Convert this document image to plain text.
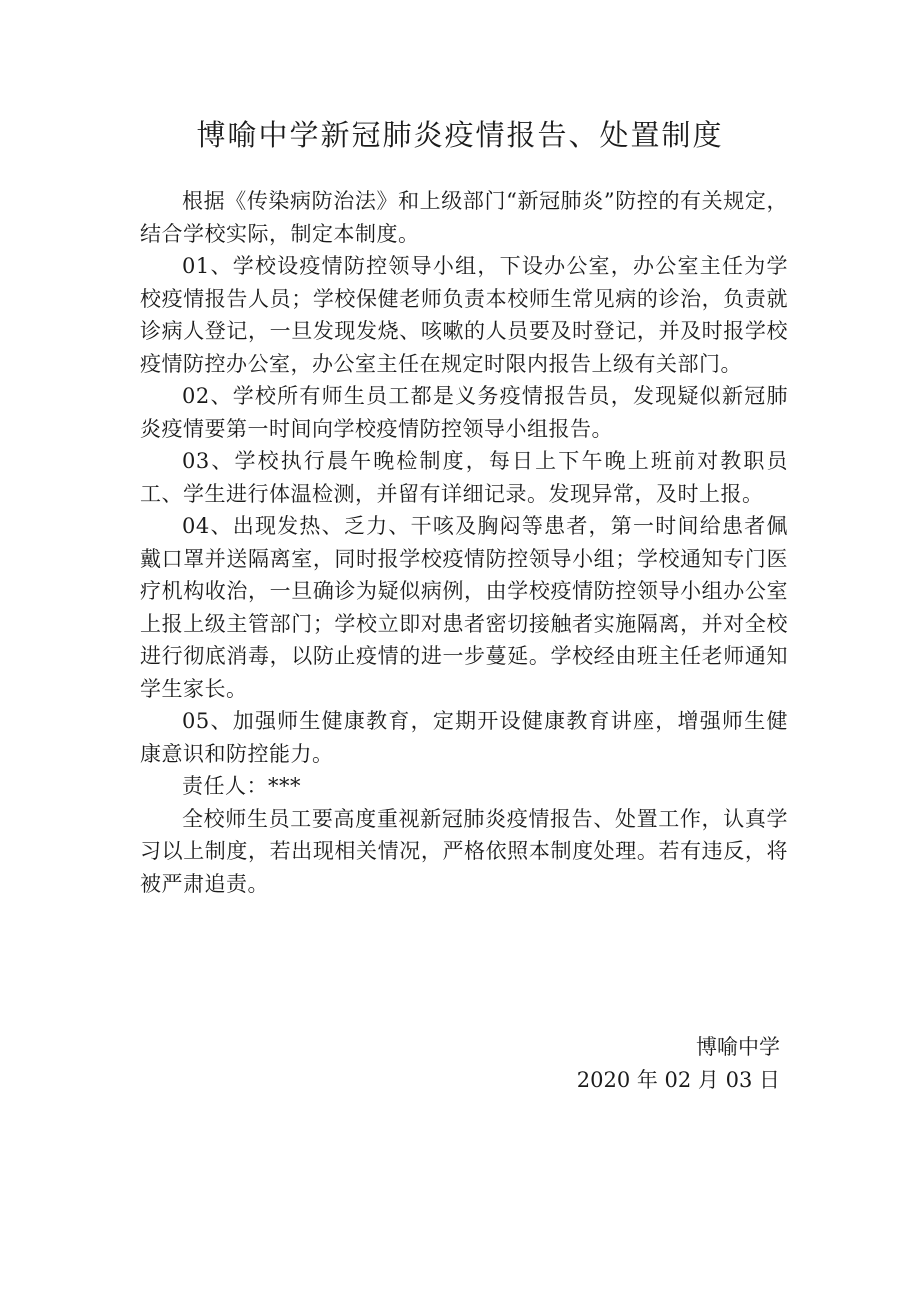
博喻中学新冠肺炎疫情报告、处置制度

根据《传染病防治法》和上级部门“新冠肺炎”防控的有关规定，结合学校实际，制定本制度。

01、学校设疫情防控领导小组，下设办公室，办公室主任为学校疫情报告人员；学校保健老师负责本校师生常见病的诊治，负责就诊病人登记，一旦发现发烧、咳嗽的人员要及时登记，并及时报学校疫情防控办公室，办公室主任在规定时限内报告上级有关部门。

02、学校所有师生员工都是义务疫情报告员，发现疑似新冠肺炎疫情要第一时间向学校疫情防控领导小组报告。

03、学校执行晨午晚检制度，每日上下午晚上班前对教职员工、学生进行体温检测，并留有详细记录。发现异常，及时上报。

04、出现发热、乏力、干咳及胸闷等患者，第一时间给患者佩戴口罩并送隔离室，同时报学校疫情防控领导小组；学校通知专门医疗机构收治，一旦确诊为疑似病例，由学校疫情防控领导小组办公室上报上级主管部门；学校立即对患者密切接触者实施隔离，并对全校进行彻底消毒，以防止疫情的进一步蔓延。学校经由班主任老师通知学生家长。

05、加强师生健康教育，定期开设健康教育讲座，增强师生健康意识和防控能力。

责任人：***

全校师生员工要高度重视新冠肺炎疫情报告、处置工作，认真学习以上制度，若出现相关情况，严格依照本制度处理。若有违反，将被严肃追责。

博喻中学
2020 年 02 月 03 日
